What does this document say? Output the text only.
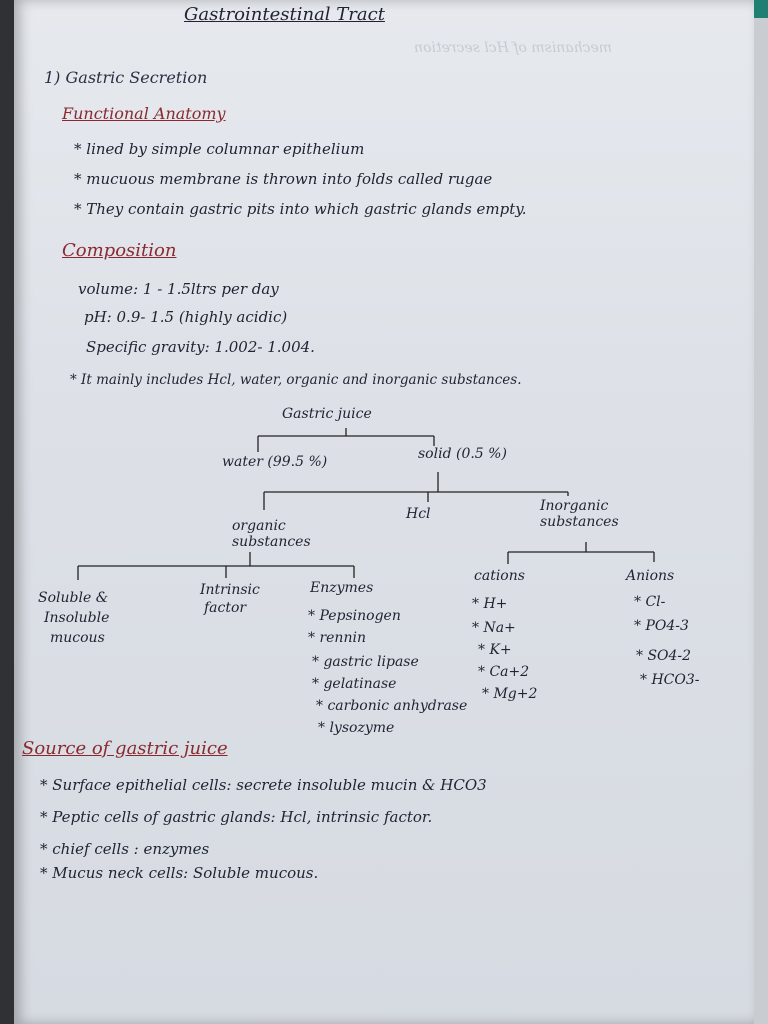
mechanism of Hcl secretion
Gastrointestinal Tract
1) Gastric Secretion
Functional Anatomy
* lined by simple columnar epithelium
* mucuous membrane is thrown into folds called rugae
* They contain gastric pits into which gastric glands empty.
Composition
volume: 1 - 1.5ltrs per day
pH: 0.9- 1.5 (highly acidic)
Specific gravity: 1.002- 1.004.
* It mainly includes Hcl, water, organic and inorganic substances.
Gastric juice
water (99.5 %)	solid (0.5 %)
organic substances
Hcl	Inorganic substances
Soluble &
Insoluble
mucous
Intrinsic
factor
Enzymes
* Pepsinogen
* rennin
* gastric lipase
* gelatinase
* carbonic anhydrase
* lysozyme
cations
* H+
* Na+
* K+
* Ca+2
* Mg+2
Anions
* Cl-
* PO4-3
* SO4-2
* HCO3-
Source of gastric juice
* Surface epithelial cells: secrete insoluble mucin & HCO3
* Peptic cells of gastric glands: Hcl, intrinsic factor.
* chief cells : enzymes
* Mucus neck cells: Soluble mucous.
